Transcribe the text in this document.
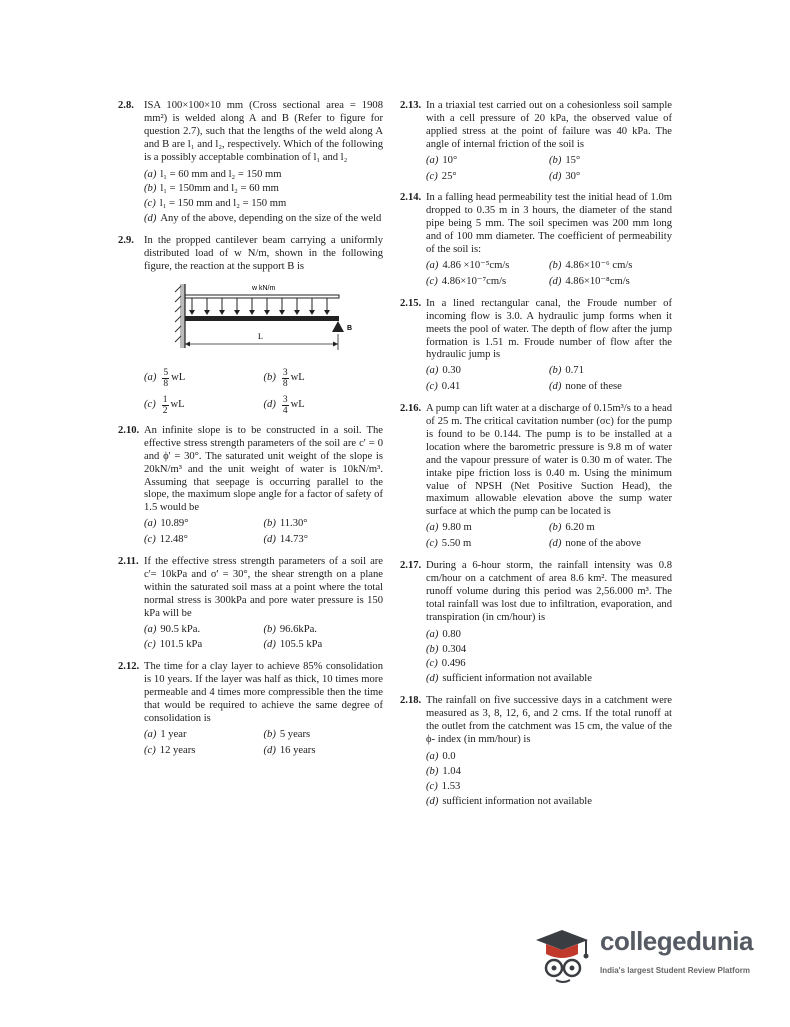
2.8. ISA 100×100×10 mm (Cross sectional area = 1908 mm²) is welded along A and B (Refer to figure for question 2.7), such that the lengths of the weld along A and B are l₁ and l₂, respectively. Which of the following is a possibly acceptable combination of l₁ and l₂
(a) l₁ = 60 mm and l₂ = 150 mm
(b) l₁ = 150mm and l₂ = 60 mm
(c) l₁ = 150 mm and l₂ = 150 mm
(d) Any of the above, depending on the size of the weld
2.9. In the propped cantilever beam carrying a uniformly distributed load of w N/m, shown in the following figure, the reaction at the support B is
w kN/m
B
L
$(a) \frac{5}{8}$ wL	$(b) \frac{3}{8}$ wL
$(c) \frac{1}{2}$ wL	$(d) \frac{3}{4}$ wL
2.10. An infinite slope is to be constructed in a soil. The effective stress strength parameters of the soil are c' = 0 and ϕ' = 30°. The saturated unit weight of the slope is 20kN/m³ and the unit weight of water is 10kN/m³. Assuming that seepage is occurring parallel to the slope, the maximum slope angle for a factor of safety of 1.5 would be
(a) 10.89°	(b) 11.30°
(c) 12.48°	(d) 14.73°
2.11. If the effective stress strength parameters of a soil are c'= 10kPa and σ' = 30°, the shear strength on a plane within the saturated soil mass at a point where the total normal stress is 300kPa and pore water pressure is 150 kPa will be
(a) 90.5 kPa.	(b) 96.6kPa.
(c) 101.5 kPa	(d) 105.5 kPa
2.12. The time for a clay layer to achieve 85% consolidation is 10 years. If the layer was half as thick, 10 times more permeable and 4 times more compressible then the time that would be required to achieve the same degree of consolidation is
(a) 1 year	(b) 5 years
(c) 12 years	(d) 16 years
2.13. In a triaxial test carried out on a cohesionless soil sample with a cell pressure of 20 kPa, the observed value of applied stress at the point of failure was 40 kPa. The angle of internal friction of the soil is
(a) 10°	(b) 15°
(c) 25°	(d) 30°
2.14. In a falling head permeability test the initial head of 1.0m dropped to 0.35 m in 3 hours, the diameter of the stand pipe being 5 mm. The soil specimen was 200 mm long and of 100 mm diameter. The coefficient of permeability of the soil is:
(a) 4.86 ×10⁻⁵cm/s	(b) 4.86×10⁻⁶ cm/s
(c) 4.86×10⁻⁷cm/s	(d) 4.86×10⁻⁸cm/s
2.15. In a lined rectangular canal, the Froude number of incoming flow is 3.0. A hydraulic jump forms when it meets the pool of water. The depth of flow after the jump formation is 1.51 m. Froude number of flow after the hydraulic jump is
(a) 0.30	(b) 0.71
(c) 0.41	(d) none of these
2.16. A pump can lift water at a discharge of 0.15m³/s to a head of 25 m. The critical cavitation number (σc) for the pump is found to be 0.144. The pump is to be installed at a location where the barometric pressure is 9.8 m of water and the vapour pressure of water is 0.30 m of water. The intake pipe friction loss is 0.40 m. Using the minimum value of NPSH (Net Positive Suction Head), the maximum allowable elevation above the sump water surface at which the pump can be located is
(a) 9.80 m	(b) 6.20 m
(c) 5.50 m	(d) none of the above
2.17. During a 6-hour storm, the rainfall intensity was 0.8 cm/hour on a catchment of area 8.6 km². The measured runoff volume during this period was 2,56.000 m³. The total rainfall was lost due to infiltration, evaporation, and transpiration (in cm/hour) is
(a) 0.80
(b) 0.304
(c) 0.496
(d) sufficient information not available
2.18. The rainfall on five successive days in a catchment were measured as 3, 8, 12, 6, and 2 cms. If the total runoff at the outlet from the catchment was 15 cm, the value of the ϕ- index (in mm/hour) is
(a) 0.0
(b) 1.04
(c) 1.53
(d) sufficient information not available
collegedunia
India's largest Student Review Platform
